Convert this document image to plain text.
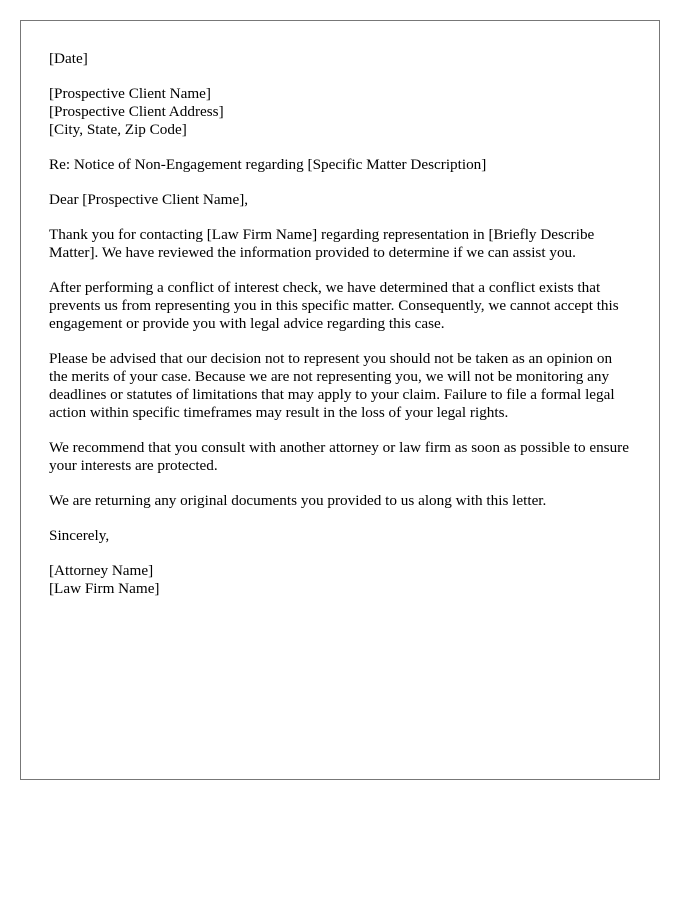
[Date]
[Prospective Client Name]
[Prospective Client Address]
[City, State, Zip Code]
Re: Notice of Non-Engagement regarding [Specific Matter Description]
Dear [Prospective Client Name],

Thank you for contacting [Law Firm Name] regarding representation in [Briefly Describe Matter]. We have reviewed the information provided to determine if we can assist you.

After performing a conflict of interest check, we have determined that a conflict exists that prevents us from representing you in this specific matter. Consequently, we cannot accept this engagement or provide you with legal advice regarding this case.

Please be advised that our decision not to represent you should not be taken as an opinion on the merits of your case. Because we are not representing you, we will not be monitoring any deadlines or statutes of limitations that may apply to your claim. Failure to file a formal legal action within specific timeframes may result in the loss of your legal rights.

We recommend that you consult with another attorney or law firm as soon as possible to ensure your interests are protected.

We are returning any original documents you provided to us along with this letter.

Sincerely,
[Attorney Name]
[Law Firm Name]
